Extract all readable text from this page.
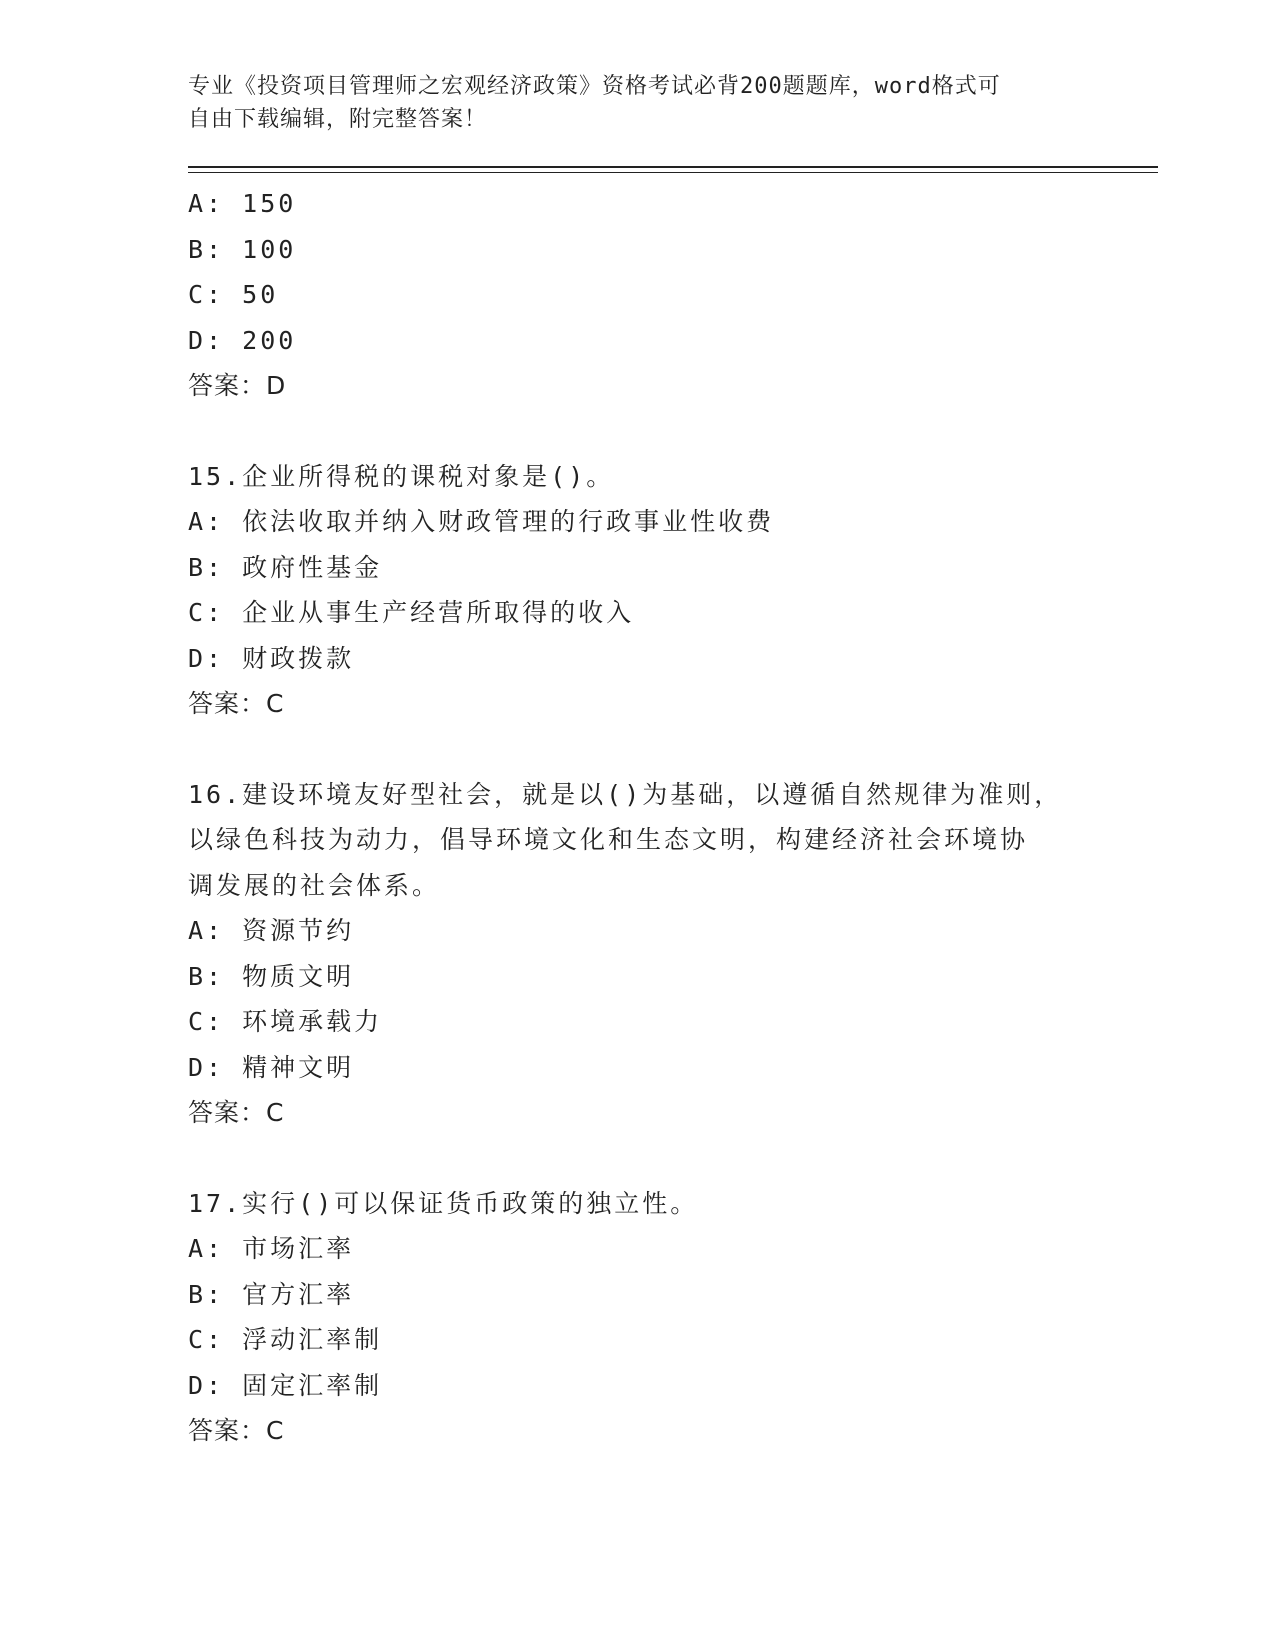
专业《投资项目管理师之宏观经济政策》资格考试必背200题题库，word格式可
自由下载编辑，附完整答案！
A: 150
B: 100
C: 50
D: 200
答案：D
15.企业所得税的课税对象是()。
A: 依法收取并纳入财政管理的行政事业性收费
B: 政府性基金
C: 企业从事生产经营所取得的收入
D: 财政拨款
答案：C
16.建设环境友好型社会，就是以()为基础，以遵循自然规律为准则，
以绿色科技为动力，倡导环境文化和生态文明，构建经济社会环境协
调发展的社会体系。
A: 资源节约
B: 物质文明
C: 环境承载力
D: 精神文明
答案：C
17.实行()可以保证货币政策的独立性。
A: 市场汇率
B: 官方汇率
C: 浮动汇率制
D: 固定汇率制
答案：C
